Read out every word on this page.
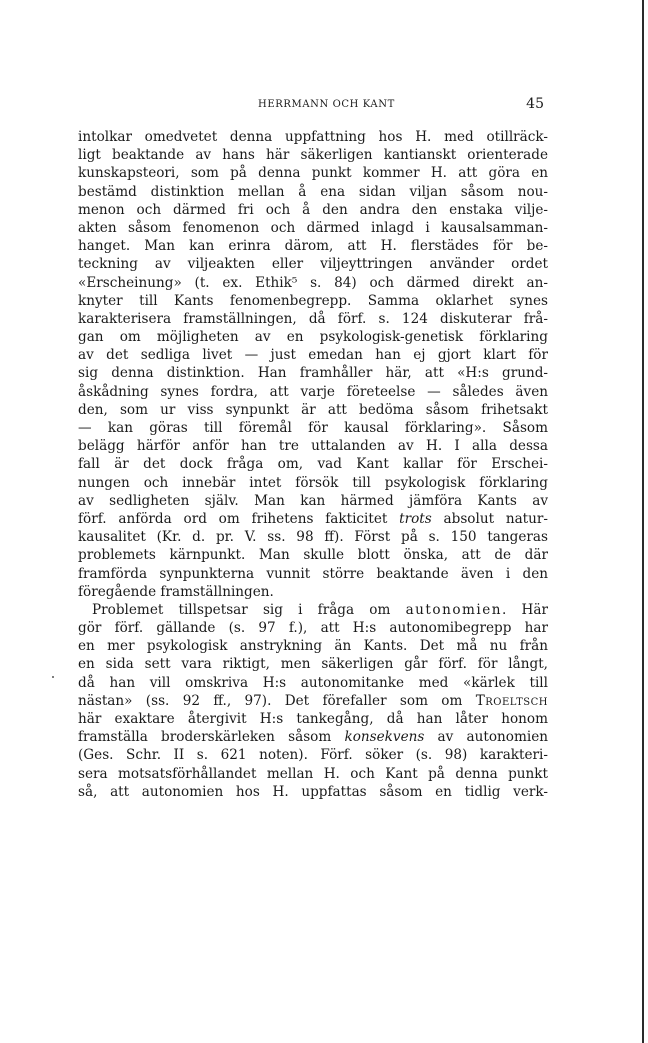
HERRMANN OCH KANT	45
intolkar omedvetet denna uppfattning hos H. med otillräck-
ligt beaktande av hans här säkerligen kantianskt orienterade
kunskapsteori, som på denna punkt kommer H. att göra en
bestämd distinktion mellan å ena sidan viljan såsom nou-
menon och därmed fri och å den andra den enstaka vilje-
akten såsom fenomenon och därmed inlagd i kausalsamman-
hanget. Man kan erinra därom, att H. flerstädes för be-
teckning av viljeakten eller viljeyttringen använder ordet
«Erscheinung» (t. ex. Ethik⁵ s. 84) och därmed direkt an-
knyter till Kants fenomenbegrepp. Samma oklarhet synes
karakterisera framställningen, då förf. s. 124 diskuterar frå-
gan om möjligheten av en psykologisk-genetisk förklaring
av det sedliga livet — just emedan han ej gjort klart för
sig denna distinktion. Han framhåller här, att «H:s grund-
åskådning synes fordra, att varje företeelse — således även
den, som ur viss synpunkt är att bedöma såsom frihetsakt
— kan göras till föremål för kausal förklaring». Såsom
belägg härför anför han tre uttalanden av H. I alla dessa
fall är det dock fråga om, vad Kant kallar för Erschei-
nungen och innebär intet försök till psykologisk förklaring
av sedligheten själv. Man kan härmed jämföra Kants av
förf. anförda ord om frihetens fakticitet trots absolut natur-
kausalitet (Kr. d. pr. V. ss. 98 ff). Först på s. 150 tangeras
problemets kärnpunkt. Man skulle blott önska, att de där
framförda synpunkterna vunnit större beaktande även i den
föregående framställningen.
Problemet tillspetsar sig i fråga om autonomien. Här
gör förf. gällande (s. 97 f.), att H:s autonomibegrepp har
en mer psykologisk anstrykning än Kants. Det må nu från
en sida sett vara riktigt, men säkerligen går förf. för långt,
då han vill omskriva H:s autonomitanke med «kärlek till
nästan» (ss. 92 ff., 97). Det förefaller som om Troeltsch
här exaktare återgivit H:s tankegång, då han låter honom
framställa broderskärleken såsom konsekvens av autonomien
(Ges. Schr. II s. 621 noten). Förf. söker (s. 98) karakteri-
sera motsatsförhållandet mellan H. och Kant på denna punkt
så, att autonomien hos H. uppfattas såsom en tidlig verk-
